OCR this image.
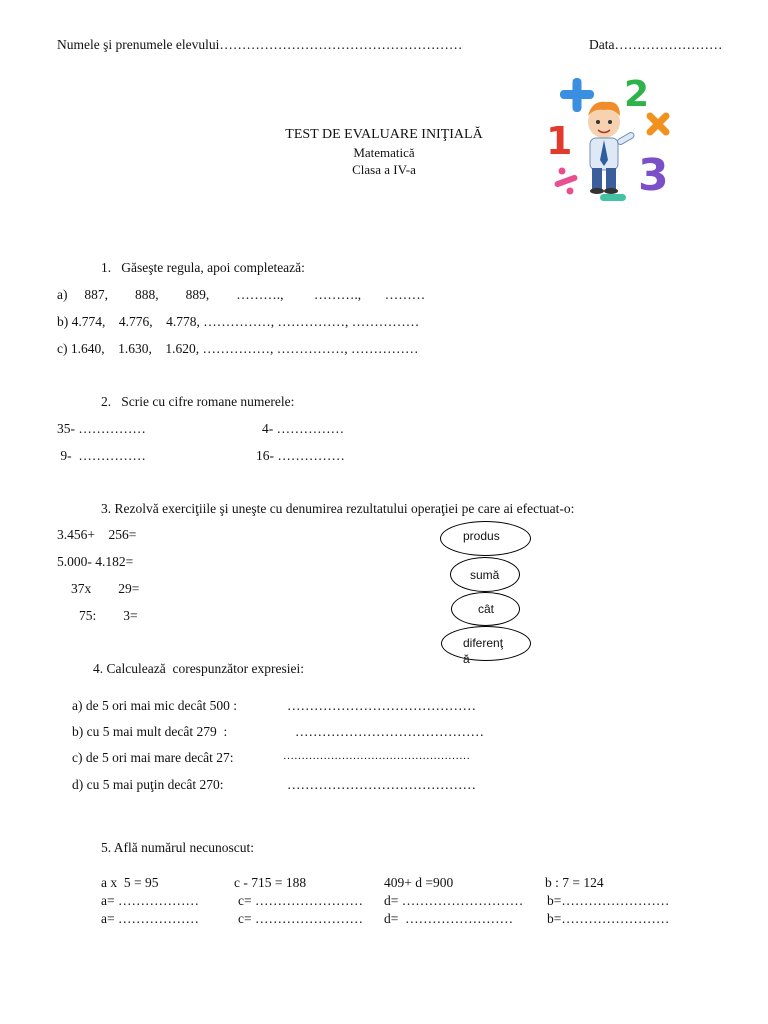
Numele şi prenumele elevului………………………………………………	Data……………………
TEST DE EVALUARE INIŢIALĂ
Matematică
Clasa a IV-a
2
1
3
1.   Găseşte regula, apoi completează:
a)     887,        888,        889,        ……….,         ……….,       ………
b) 4.774,    4.776,    4.778, ……………, ……………, ……………
c) 1.640,    1.630,    1.620, ……………, ……………, ……………
2.   Scrie cu cifre romane numerele:
35- ……………	4- ……………
9-  ……………	16- ……………
3. Rezolvă exerciţiile şi uneşte cu denumirea rezultatului operaţiei pe care ai efectuat-o:
3.456+    256=
5.000- 4.182=
37x        29=
75:        3=
produs
sumă
cât
diferenţ
ă
4. Calculează  corespunzător expresiei:
a) de 5 ori mai mic decât 500 :	……………………………………
b) cu 5 mai mult decât 279  :	……………………………………
c) de 5 ori mai mare decât 27:	……………………………………………
d) cu 5 mai puţin decât 270:	……………………………………
5. Află numărul necunoscut:
a x  5 = 95	c - 715 = 188	409+ d =900	b : 7 = 124
a= ………………	c= …………………… d= ……………………… b=……………………
a= ………………	c= …………………… d=  ……………………	b=……………………
